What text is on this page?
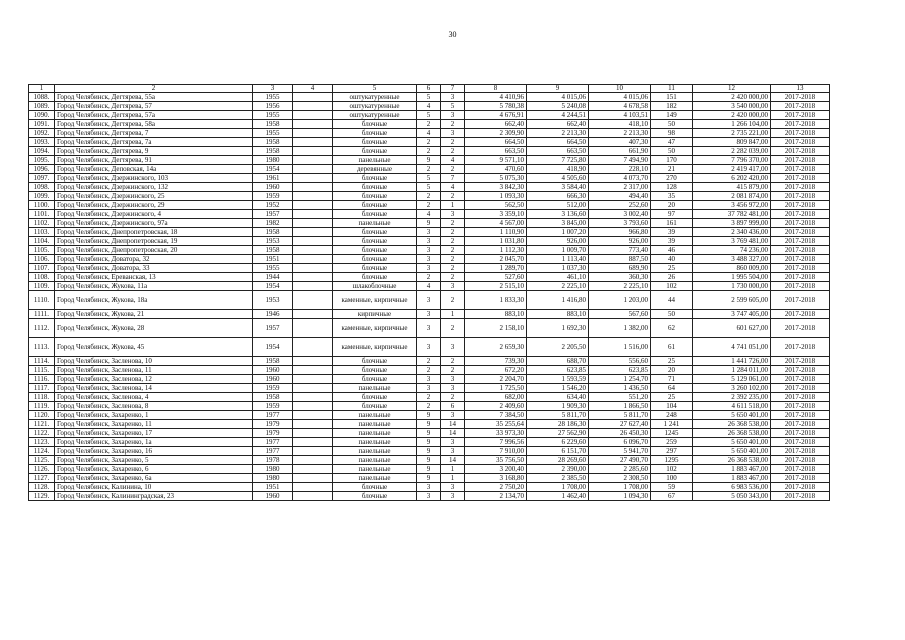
30
1	2	3	4	5	6	7	8	9	10	11	12	13
1088.	Город Челябинск, Дегтярева, 55а	1955		оштукатуренные	5	3	4 410,96	4 015,06	4 015,06	151	2 420 000,00	2017-2018
1089.	Город Челябинск, Дегтярева, 57	1956		оштукатуренные	4	5	5 780,38	5 240,08	4 678,58	182	3 540 000,00	2017-2018
1090.	Город Челябинск, Дегтярева, 57а	1955		оштукатуренные	5	3	4 676,91	4 244,51	4 103,51	149	2 420 000,00	2017-2018
1091.	Город Челябинск, Дегтярева, 58а	1958		блочные	2	2	662,40	662,40	418,10	50	1 266 104,00	2017-2018
1092.	Город Челябинск, Дегтярева, 7	1955		блочные	4	3	2 309,90	2 213,30	2 213,30	98	2 735 221,00	2017-2018
1093.	Город Челябинск, Дегтярева, 7а	1958		блочные	2	2	664,50	664,50	407,30	47	809 847,00	2017-2018
1094.	Город Челябинск, Дегтярева, 9	1958		блочные	2	2	663,50	663,50	661,90	50	2 282 039,00	2017-2018
1095.	Город Челябинск, Дегтярева, 91	1980		панельные	9	4	9 571,10	7 725,80	7 494,90	170	7 796 370,00	2017-2018
1096.	Город Челябинск, Деповская, 14а	1954		деревянные	2	2	470,60	418,90	228,10	21	2 419 417,00	2017-2018
1097.	Город Челябинск, Дзержинского, 103	1961		блочные	5	7	5 075,30	4 505,60	4 073,70	270	6 202 420,00	2017-2018
1098.	Город Челябинск, Дзержинского, 132	1960		блочные	5	4	3 842,30	3 584,40	2 317,00	128	415 879,00	2017-2018
1099.	Город Челябинск, Дзержинского, 25	1959		блочные	2	2	1 093,30	666,30	494,40	35	2 081 874,00	2017-2018
1100.	Город Челябинск, Дзержинского, 29	1952		блочные	2	1	562,50	512,00	252,60	20	3 456 972,00	2017-2018
1101.	Город Челябинск, Дзержинского, 4	1957		блочные	4	3	3 359,10	3 136,60	3 002,40	97	37 782 481,00	2017-2018
1102.	Город Челябинск, Дзержинского, 97а	1982		панельные	9	2	4 567,00	3 845,00	3 793,60	161	3 897 999,00	2017-2018
1103.	Город Челябинск, Днепропетровская, 18	1958		блочные	3	2	1 110,90	1 007,20	966,80	39	2 340 436,00	2017-2018
1104.	Город Челябинск, Днепропетровская, 19	1953		блочные	3	2	1 031,80	926,00	926,00	39	3 769 481,00	2017-2018
1105.	Город Челябинск, Днепропетровская, 20	1958		блочные	3	2	1 112,30	1 009,70	773,40	46	74 236,00	2017-2018
1106.	Город Челябинск, Доватора, 32	1951		блочные	3	2	2 045,70	1 113,40	887,50	40	3 488 327,00	2017-2018
1107.	Город Челябинск, Доватора, 33	1955		блочные	3	2	1 289,70	1 037,30	689,90	25	860 009,00	2017-2018
1108.	Город Челябинск, Ереванская, 13	1944		блочные	2	2	527,60	461,10	360,30	26	1 995 504,00	2017-2018
1109.	Город Челябинск, Жукова, 11а	1954		шлакоблочные	4	3	2 515,10	2 225,10	2 225,10	102	1 730 000,00	2017-2018
1110.	Город Челябинск, Жукова, 18а	1953		каменные, кирпичные	3	2	1 833,30	1 416,80	1 203,00	44	2 599 605,00	2017-2018
1111.	Город Челябинск, Жукова, 21	1946		кирпичные	3	1	883,10	883,10	567,60	50	3 747 405,00	2017-2018
1112.	Город Челябинск, Жукова, 28	1957		каменные, кирпичные	3	2	2 158,10	1 692,30	1 382,00	62	601 627,00	2017-2018
1113.	Город Челябинск, Жукова, 45	1954		каменные, кирпичные	3	3	2 659,30	2 205,50	1 516,00	61	4 741 051,00	2017-2018
1114.	Город Челябинск, Засленова, 10	1958		блочные	2	2	739,30	688,70	556,60	25	1 441 726,00	2017-2018
1115.	Город Челябинск, Засленова, 11	1960		блочные	2	2	672,20	623,85	623,85	20	1 284 011,00	2017-2018
1116.	Город Челябинск, Засленова, 12	1960		блочные	3	3	2 204,70	1 593,59	1 254,70	71	5 129 061,00	2017-2018
1117.	Город Челябинск, Засленова, 14	1959		панельные	3	3	1 725,50	1 546,20	1 436,50	64	3 260 102,00	2017-2018
1118.	Город Челябинск, Засленова, 4	1958		блочные	2	2	682,00	634,40	551,20	25	2 392 235,00	2017-2018
1119.	Город Челябинск, Засленова, 8	1959		блочные	2	6	2 409,60	1 909,30	1 866,50	104	4 611 518,00	2017-2018
1120.	Город Челябинск, Захаренко, 1	1977		панельные	9	3	7 384,50	5 811,70	5 811,70	248	5 650 401,00	2017-2018
1121.	Город Челябинск, Захаренко, 11	1979		панельные	9	14	35 255,64	28 186,30	27 627,40	1 241	26 368 538,00	2017-2018
1122.	Город Челябинск, Захаренко, 17	1979		панельные	9	14	33 973,30	27 562,90	26 450,30	1245	26 368 538,00	2017-2018
1123.	Город Челябинск, Захаренко, 1а	1977		панельные	9	3	7 996,56	6 229,60	6 096,70	259	5 650 401,00	2017-2018
1124.	Город Челябинск, Захаренко, 16	1977		панельные	9	3	7 910,00	6 151,70	5 941,70	297	5 650 401,00	2017-2018
1125.	Город Челябинск, Захаренко, 5	1978		панельные	9	14	35 756,50	28 269,60	27 490,70	1295	26 368 538,00	2017-2018
1126.	Город Челябинск, Захаренко, 6	1980		панельные	9	1	3 200,40	2 390,00	2 285,60	102	1 883 467,00	2017-2018
1127.	Город Челябинск, Захаренко, 6а	1980		панельные	9	1	3 168,80	2 385,50	2 308,50	100	1 883 467,00	2017-2018
1128.	Город Челябинск, Калинина, 10	1951		блочные	3	3	2 750,20	1 708,00	1 708,00	59	6 983 536,00	2017-2018
1129.	Город Челябинск, Калининградская, 23	1960		блочные	3	3	2 134,70	1 462,40	1 094,30	67	5 050 343,00	2017-2018
